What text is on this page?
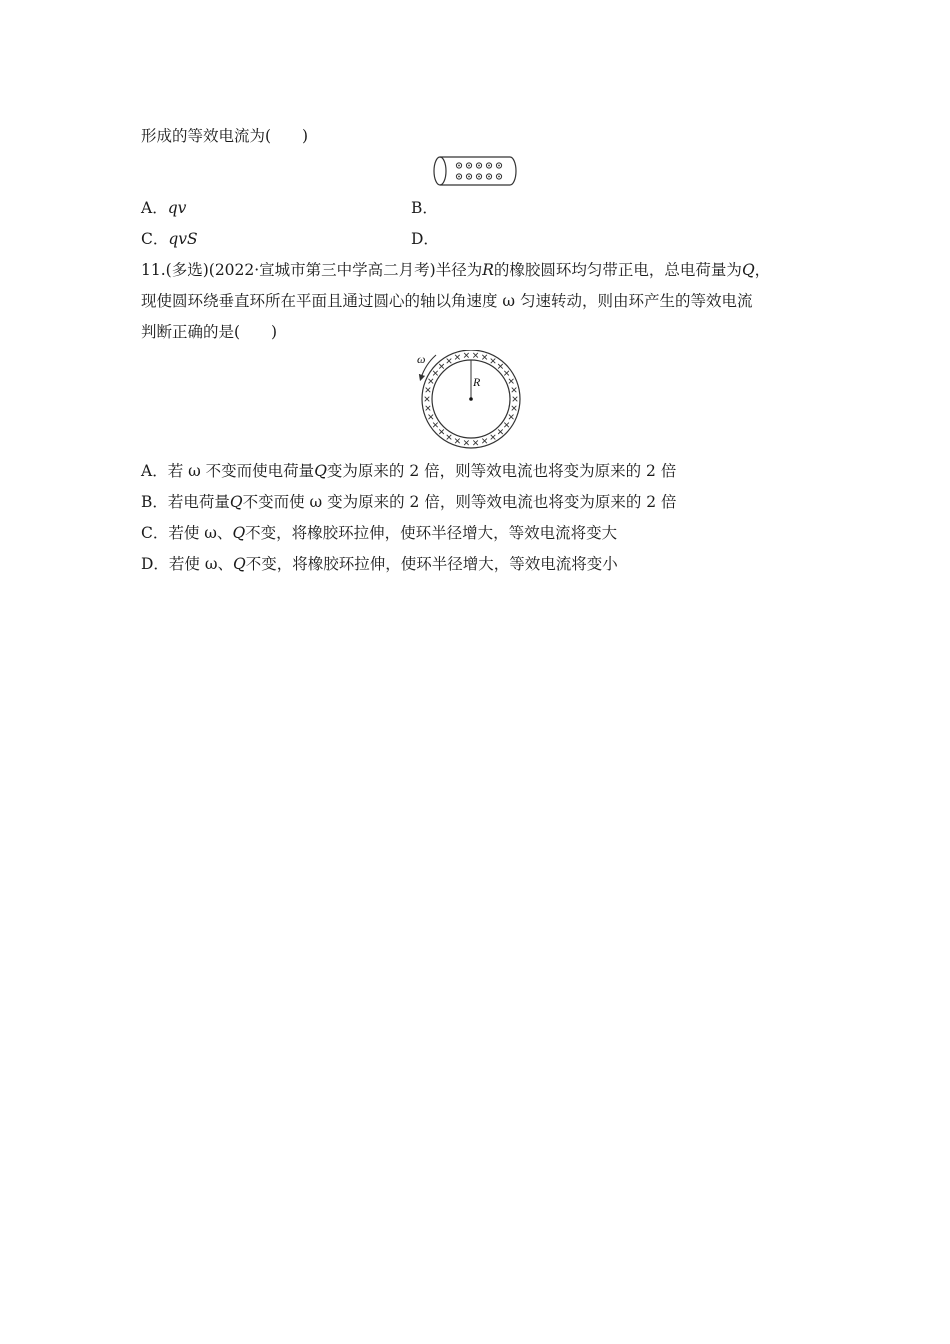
形成的等效电流为(　　)
A．qv	B．
C．qvS	D．
11.(多选)(2022·宣城市第三中学高二月考)半径为R的橡胶圆环均匀带正电，总电荷量为Q，
现使圆环绕垂直环所在平面且通过圆心的轴以角速度 ω 匀速转动，则由环产生的等效电流
判断正确的是(　　)
R
ω
A．若 ω 不变而使电荷量Q变为原来的 2 倍，则等效电流也将变为原来的 2 倍
B．若电荷量Q不变而使 ω 变为原来的 2 倍，则等效电流也将变为原来的 2 倍
C．若使 ω、Q不变，将橡胶环拉伸，使环半径增大，等效电流将变大
D．若使 ω、Q不变，将橡胶环拉伸，使环半径增大，等效电流将变小
